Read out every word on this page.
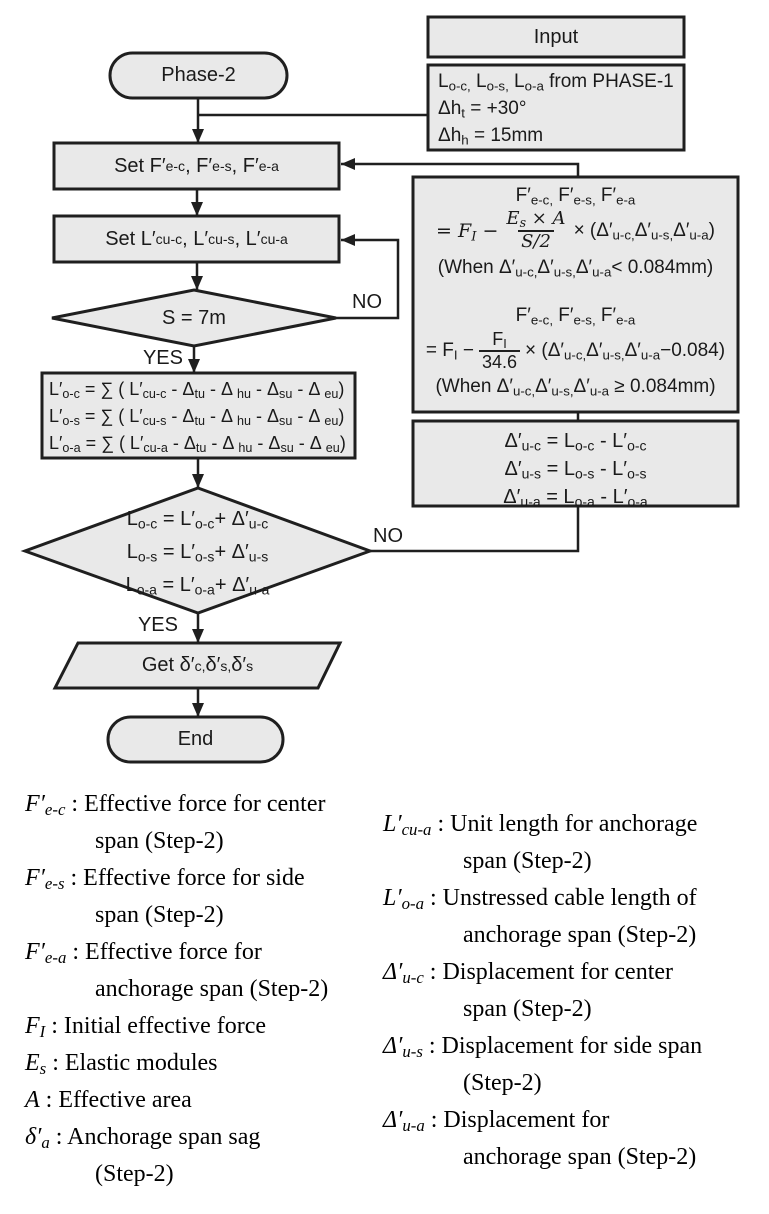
Phase-2
Input
$L_{o-c,}$ $L_{o-s,}$ $L_{o-a}$ from PHASE-1
$\Delta h_t = +30^\circ$
$\Delta h_h = 15mm$
Set F′ e-c , F′ e-s , F′ e-a
Set L′ cu-c , L′ cu-s , L′ cu-a
S = 7m
YES
NO
$L'_{o-c}$ = ∑ ( $L'_{cu-c} - \Delta_{tu}$ - Δ $_{hu} - \Delta_{su}$ - Δ $_{eu}$)
$L'_{o-s}$ = ∑ ( $L'_{cu-s} - \Delta_{tu}$ - Δ $_{hu} - \Delta_{su}$ - Δ $_{eu}$)
$L'_{o-a}$ = ∑ ( $L'_{cu-a} - \Delta_{tu}$ - Δ $_{hu} - \Delta_{su}$ - Δ $_{eu}$)
$L_{o-c} = L'_{o-c}+ \Delta'_{u-c}$
$L_{o-s} = L'_{o-s}+ \Delta'_{u-s}$
$L_{o-a} = L'_{o-a}+ \Delta'_{u-a}$
YES
NO
$F'_{e-c,}$ $F'_{e-s,}$ $F'_{e-a}$
= $F_I - \frac{E_s \times A}{S/2} \times (\Delta'_{u-c,}\Delta'_{u-s,}\Delta'_{u-a})$
(When $\Delta'_{u-c,}\Delta'_{u-s,}\Delta'_{u-a}< 0.084mm$)
$F'_{e-c,}$ $F'_{e-s,}$ $F'_{e-a}$
= $F_I - \frac{F_I}{34.6} \times (\Delta'_{u-c,}\Delta'_{u-s,}\Delta'_{u-a}-0.084)$
(When $\Delta'_{u-c,}\Delta'_{u-s,}\Delta'_{u-a} \ge 0.084mm$)
$\Delta'_{u-c} = L_{o-c} - L'_{o-c}$
$\Delta'_{u-s} = L_{o-s} - L'_{o-s}$
$\Delta'_{u-a} = L_{o-a} - L'_{o-a}$
Get δ′ c, δ′ s, δ′ s
End
$F'_{e-c}$ : Effective force for center
span (Step-2)
$F'_{e-s}$ : Effective force for side
span (Step-2)
$F'_{e-a}$ : Effective force for
anchorage span (Step-2)
$F_I$ : Initial effective force
$E_s$ : Elastic modules
A : Effective area
$\delta'_a$ : Anchorage span sag
(Step-2)
$L'_{cu-a}$ : Unit length for anchorage
span (Step-2)
$L'_{o-a}$ : Unstressed cable length of
anchorage span (Step-2)
$\Delta'_{u-c}$ : Displacement for center
span (Step-2)
$\Delta'_{u-s}$ : Displacement for side span
(Step-2)
$\Delta'_{u-a}$ : Displacement for
anchorage span (Step-2)
